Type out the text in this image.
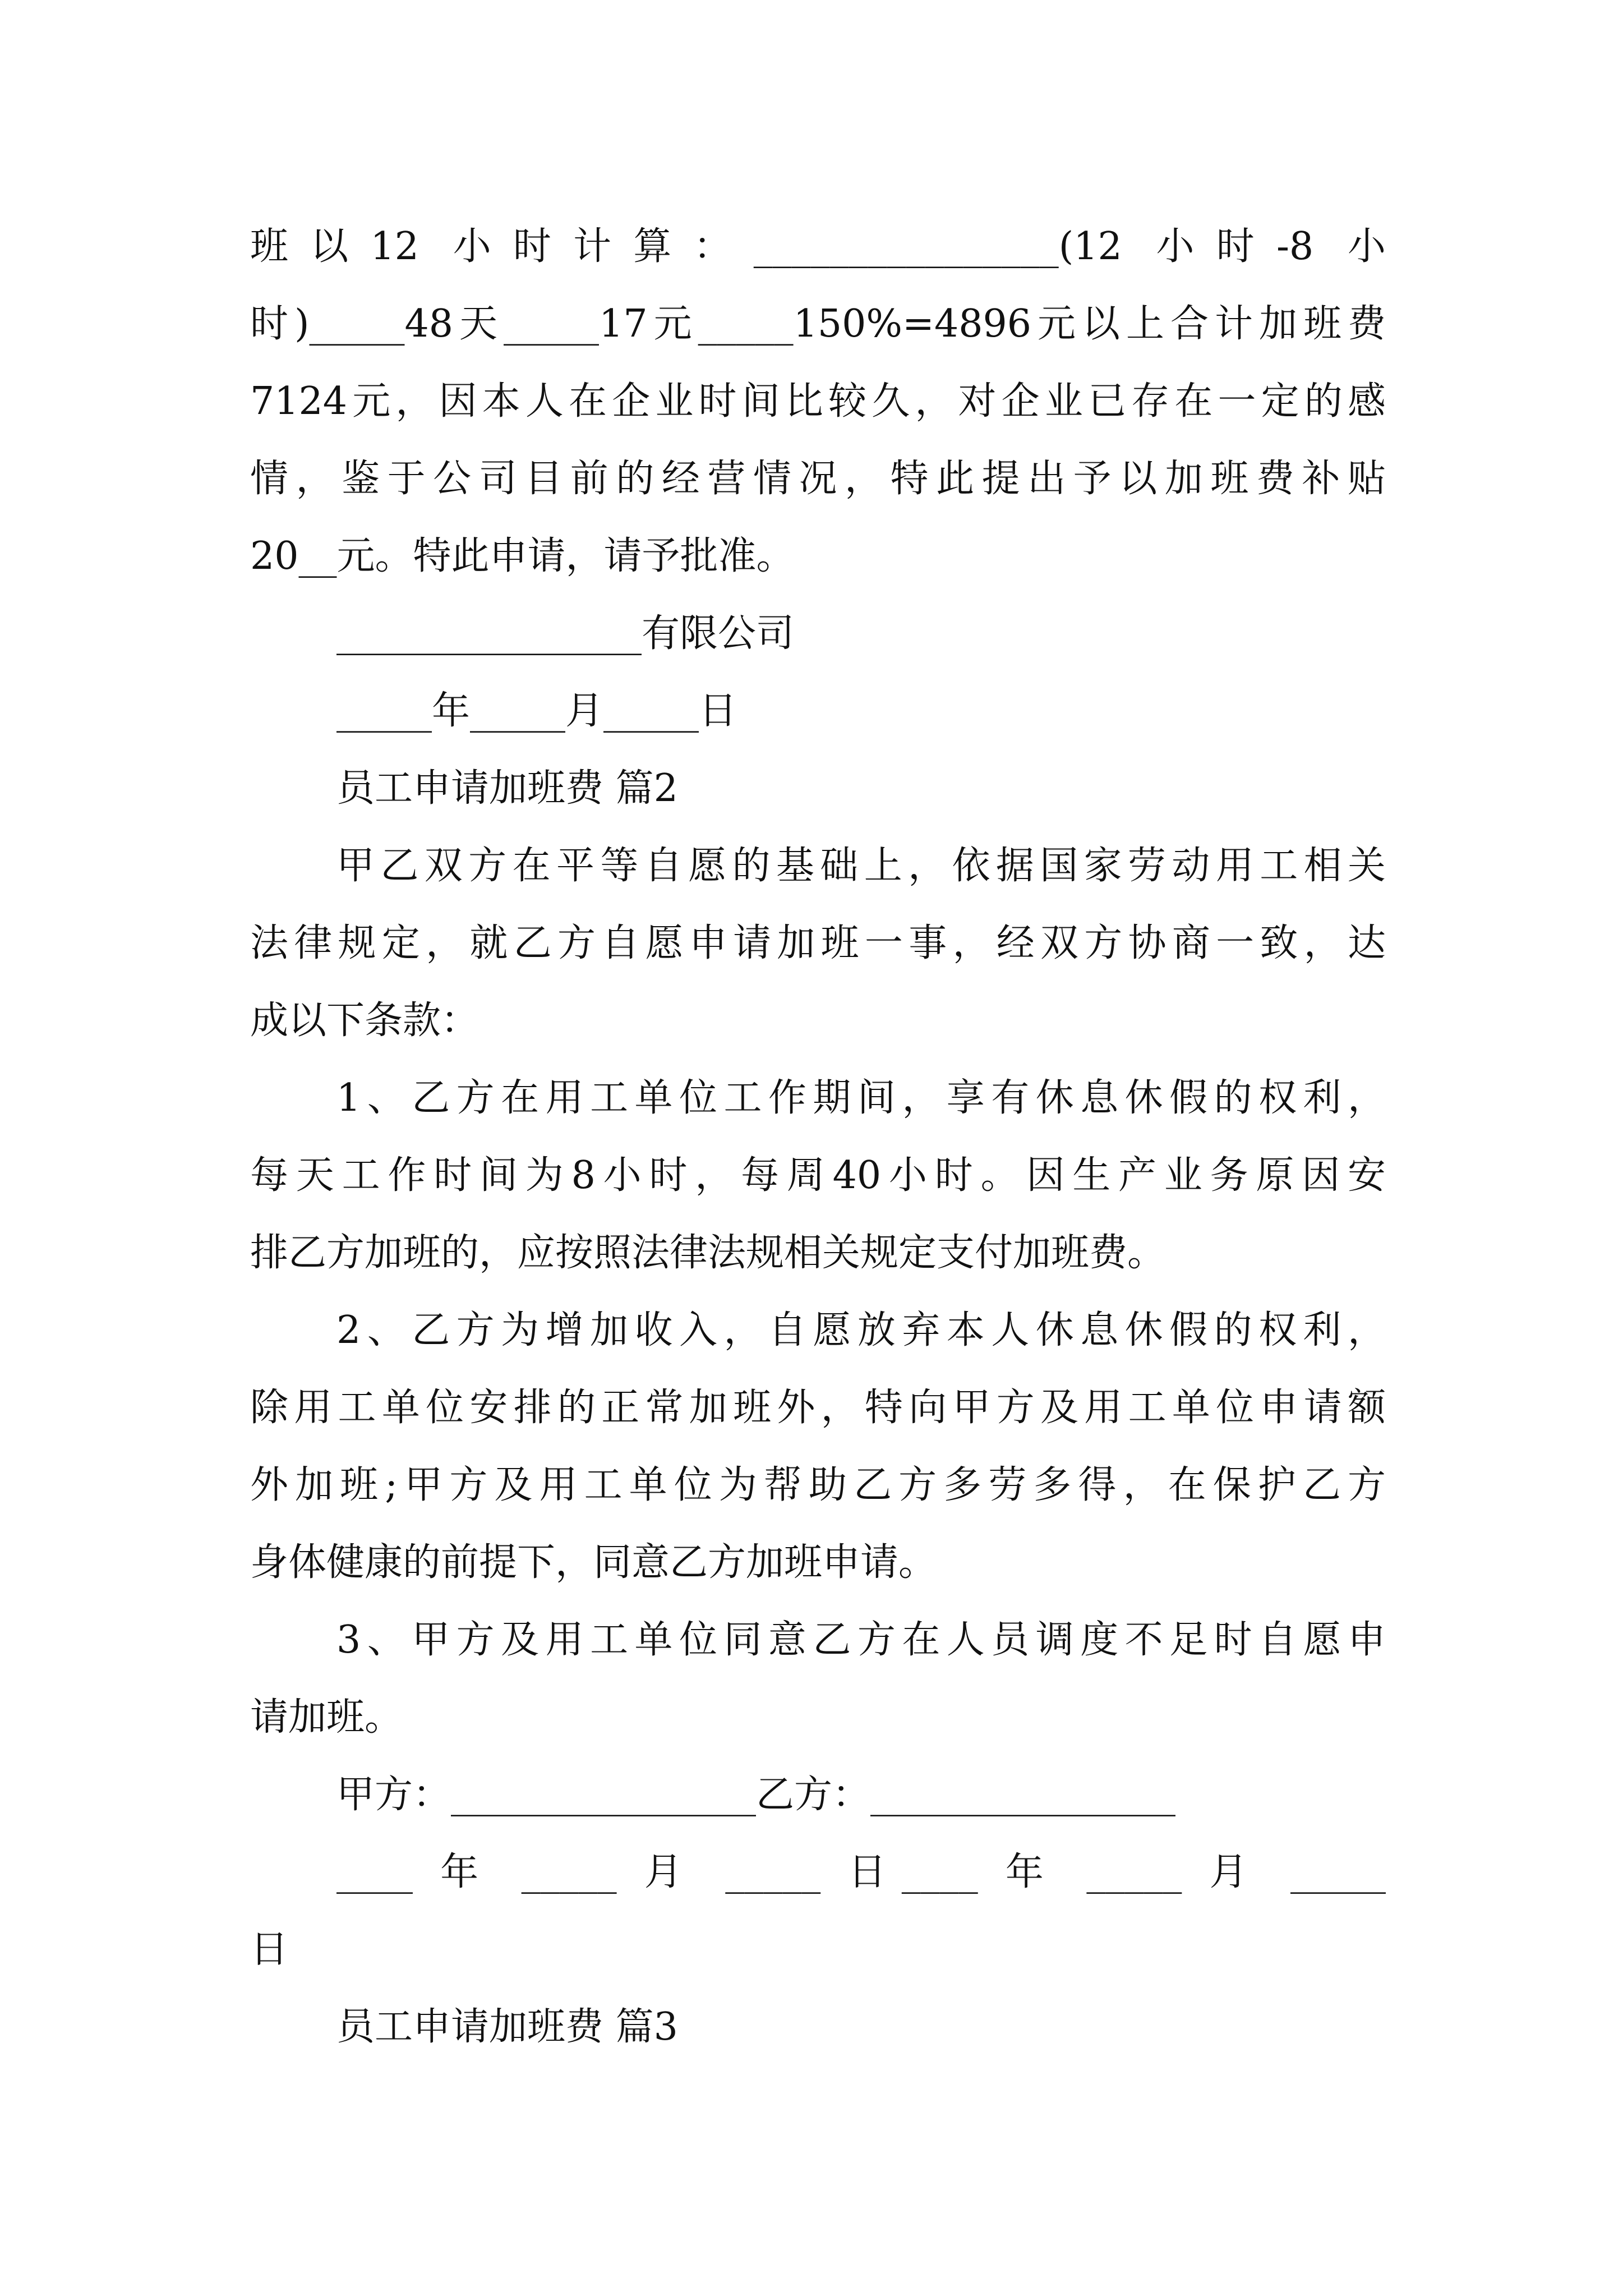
班以12 小时计算：________________(12 小时-8 小
时)_____48天_____17元_____150%=4896元以上合计加班费
7124元，因本人在企业时间比较久，对企业已存在一定的感
情，鉴于公司目前的经营情况，特此提出予以加班费补贴
20__元。特此申请，请予批准。
________________有限公司
_____年_____月_____日
员工申请加班费 篇2
甲乙双方在平等自愿的基础上，依据国家劳动用工相关
法律规定，就乙方自愿申请加班一事，经双方协商一致，达
成以下条款：
1、乙方在用工单位工作期间，享有休息休假的权利，
每天工作时间为8小时，每周40小时。因生产业务原因安
排乙方加班的，应按照法律法规相关规定支付加班费。
2、乙方为增加收入，自愿放弃本人休息休假的权利，
除用工单位安排的正常加班外，特向甲方及用工单位申请额
外加班;甲方及用工单位为帮助乙方多劳多得，在保护乙方
身体健康的前提下，同意乙方加班申请。
3、甲方及用工单位同意乙方在人员调度不足时自愿申
请加班。
甲方：________________乙方：________________
____ 年 _____ 月 _____ 日____ 年 _____ 月 _____
日
员工申请加班费 篇3
